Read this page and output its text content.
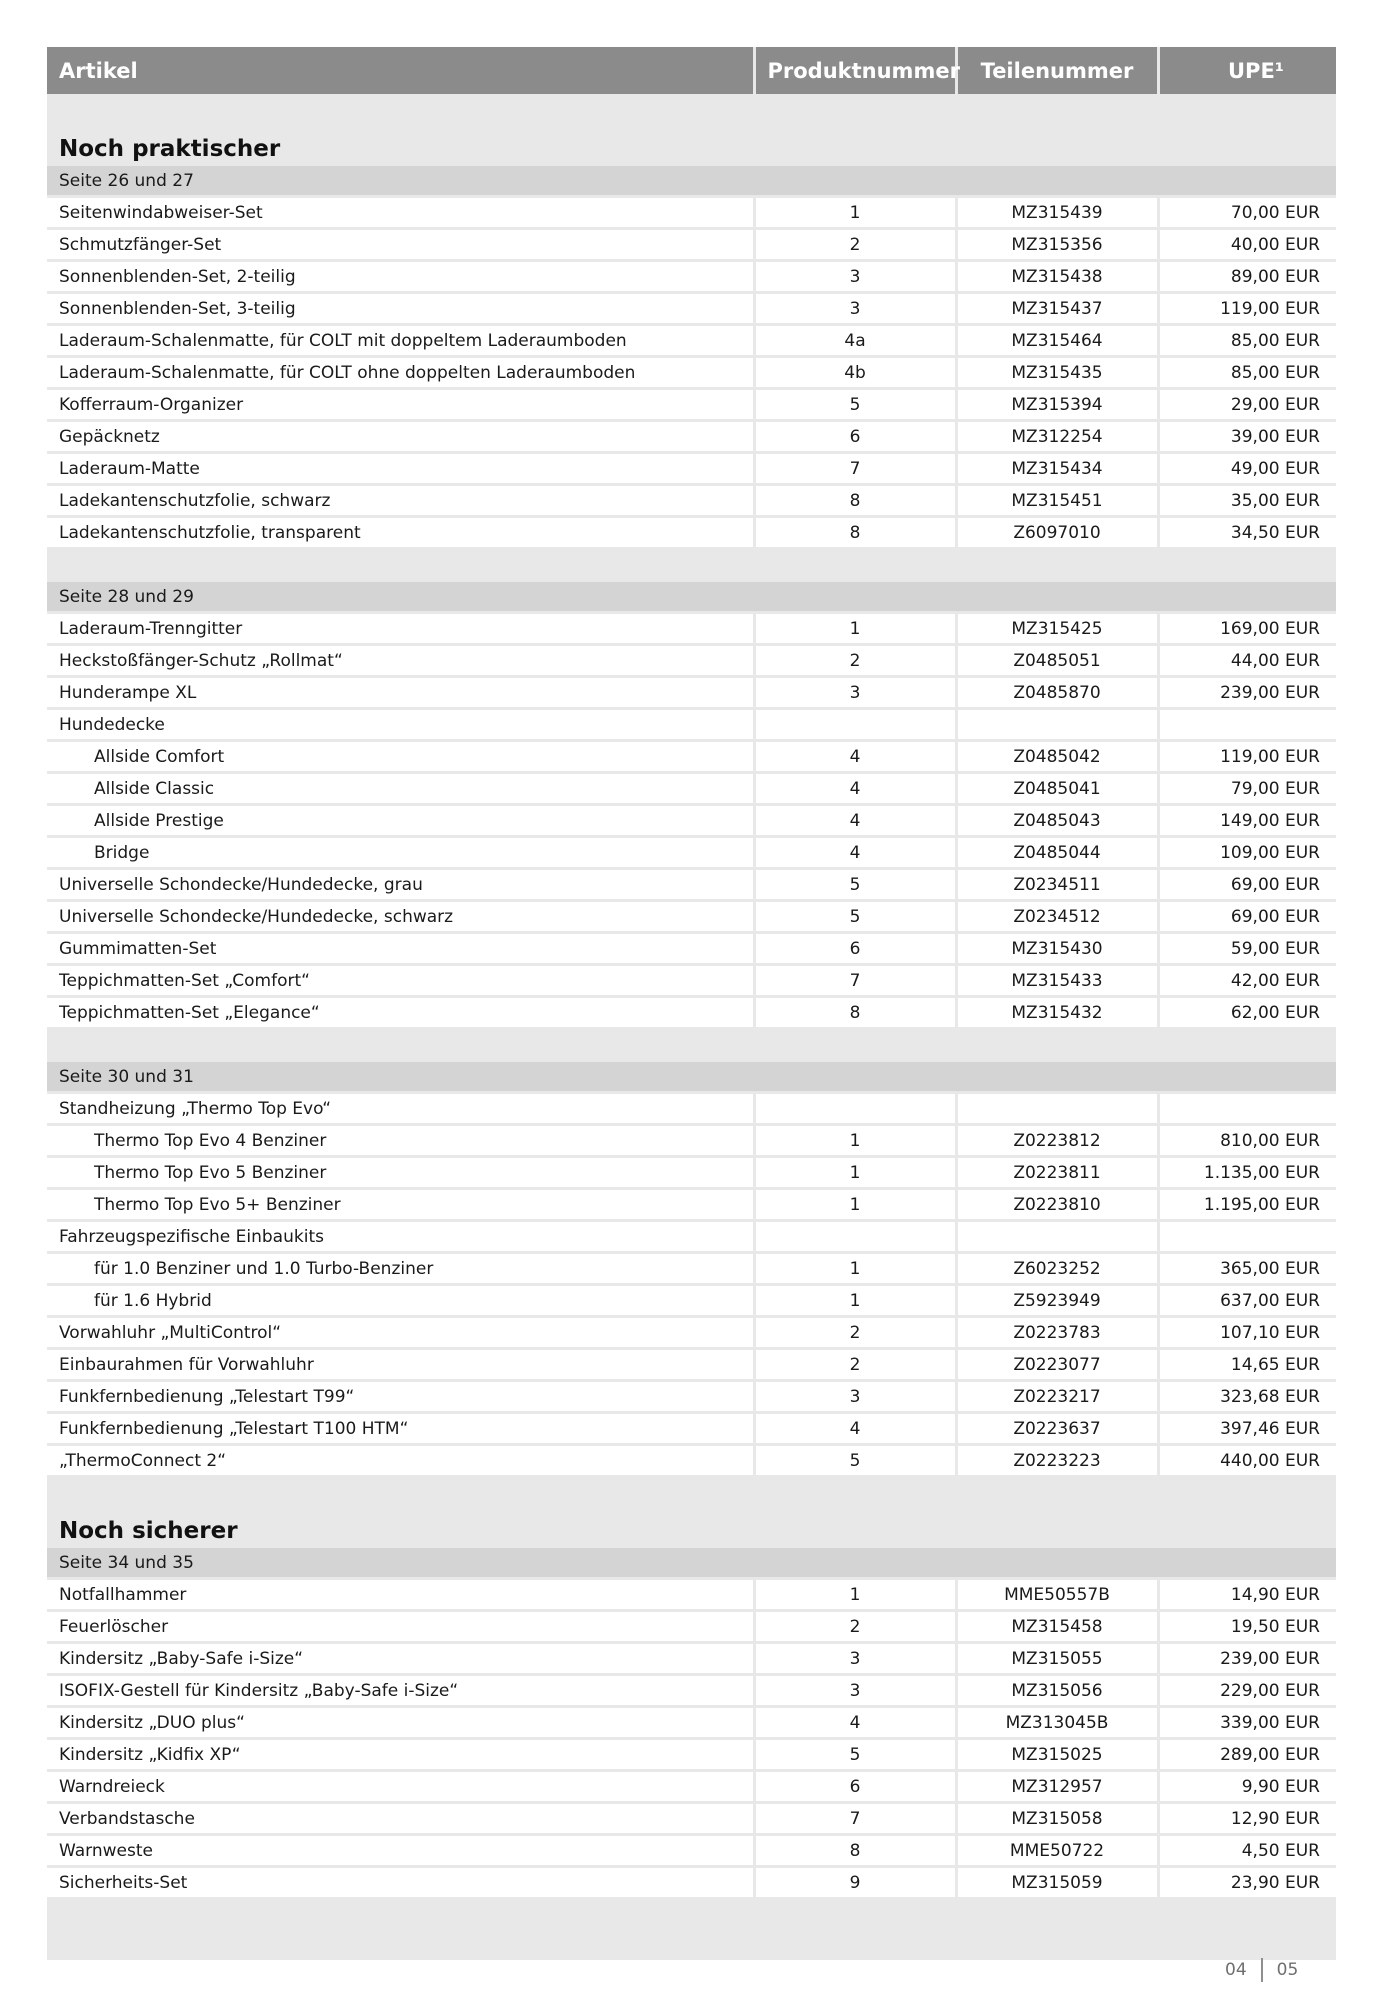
Artikel	Produktnummer	Teilenummer	UPE¹
Noch praktischer			
Seite 26 und 27			
Seitenwindabweiser-Set	1	MZ315439	70,00 EUR
Schmutzfänger-Set	2	MZ315356	40,00 EUR
Sonnenblenden-Set, 2-teilig	3	MZ315438	89,00 EUR
Sonnenblenden-Set, 3-teilig	3	MZ315437	119,00 EUR
Laderaum-Schalenmatte, für COLT mit doppeltem Laderaumboden	4a	MZ315464	85,00 EUR
Laderaum-Schalenmatte, für COLT ohne doppelten Laderaumboden	4b	MZ315435	85,00 EUR
Kofferraum-Organizer	5	MZ315394	29,00 EUR
Gepäcknetz	6	MZ312254	39,00 EUR
Laderaum-Matte	7	MZ315434	49,00 EUR
Ladekantenschutzfolie, schwarz	8	MZ315451	35,00 EUR
Ladekantenschutzfolie, transparent	8	Z6097010	34,50 EUR

Seite 28 und 29			
Laderaum-Trenngitter	1	MZ315425	169,00 EUR
Heckstoßfänger-Schutz „Rollmat“	2	Z0485051	44,00 EUR
Hunderampe XL	3	Z0485870	239,00 EUR
Hundedecke			
Allside Comfort	4	Z0485042	119,00 EUR
Allside Classic	4	Z0485041	79,00 EUR
Allside Prestige	4	Z0485043	149,00 EUR
Bridge	4	Z0485044	109,00 EUR
Universelle Schondecke/Hundedecke, grau	5	Z0234511	69,00 EUR
Universelle Schondecke/Hundedecke, schwarz	5	Z0234512	69,00 EUR
Gummimatten-Set	6	MZ315430	59,00 EUR
Teppichmatten-Set „Comfort“	7	MZ315433	42,00 EUR
Teppichmatten-Set „Elegance“	8	MZ315432	62,00 EUR

Seite 30 und 31			
Standheizung „Thermo Top Evo“			
Thermo Top Evo 4 Benziner	1	Z0223812	810,00 EUR
Thermo Top Evo 5 Benziner	1	Z0223811	1.135,00 EUR
Thermo Top Evo 5+ Benziner	1	Z0223810	1.195,00 EUR
Fahrzeugspezifische Einbaukits			
für 1.0 Benziner und 1.0 Turbo-Benziner	1	Z6023252	365,00 EUR
für 1.6 Hybrid	1	Z5923949	637,00 EUR
Vorwahluhr „MultiControl“	2	Z0223783	107,10 EUR
Einbaurahmen für Vorwahluhr	2	Z0223077	14,65 EUR
Funkfernbedienung „Telestart T99“	3	Z0223217	323,68 EUR
Funkfernbedienung „Telestart T100 HTM“	4	Z0223637	397,46 EUR
„ThermoConnect 2“	5	Z0223223	440,00 EUR
Noch sicherer			
Seite 34 und 35			
Notfallhammer	1	MME50557B	14,90 EUR
Feuerlöscher	2	MZ315458	19,50 EUR
Kindersitz „Baby-Safe i-Size“	3	MZ315055	239,00 EUR
ISOFIX-Gestell für Kindersitz „Baby-Safe i-Size“	3	MZ315056	229,00 EUR
Kindersitz „DUO plus“	4	MZ313045B	339,00 EUR
Kindersitz „Kidfix XP“	5	MZ315025	289,00 EUR
Warndreieck	6	MZ312957	9,90 EUR
Verbandstasche	7	MZ315058	12,90 EUR
Warnweste	8	MME50722	4,50 EUR
Sicherheits-Set	9	MZ315059	23,90 EUR

04 05
